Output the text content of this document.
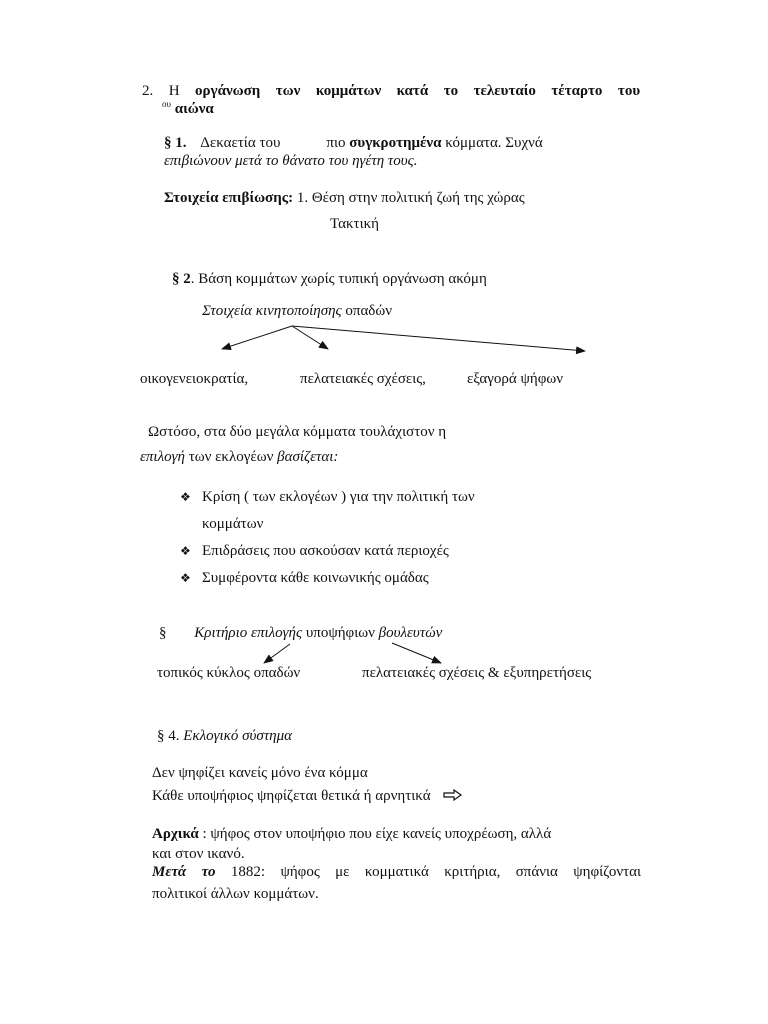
2. Η οργάνωση των κομμάτων κατά το τελευταίο τέταρτο του
$^{o\upsilon}$ αιώνα
§ 1. Δεκαετία του	πιο συγκροτημένα κόμματα. Συχνά
επιβιώνουν μετά το θάνατο του ηγέτη τους.
Στοιχεία επιβίωσης: 1. Θέση στην πολιτική ζωή της χώρας
Τακτική
§ 2. Βάση κομμάτων χωρίς τυπική οργάνωση ακόμη
Στοιχεία κινητοποίησης οπαδών
οικογενειοκρατία,	πελατειακές σχέσεις,	εξαγορά ψήφων
Ωστόσο, στα δύο μεγάλα κόμματα τουλάχιστον η
επιλογή των εκλογέων βασίζεται:
❖ Κρίση ( των εκλογέων ) για την πολιτική των
κομμάτων
❖ Επιδράσεις που ασκούσαν κατά περιοχές
❖ Συμφέροντα κάθε κοινωνικής ομάδας
§ Κριτήριο επιλογής υποψήφιων βουλευτών
τοπικός κύκλος οπαδών	πελατειακές σχέσεις & εξυπηρετήσεις
§ 4. Εκλογικό σύστημα
Δεν ψηφίζει κανείς μόνο ένα κόμμα
Κάθε υποψήφιος ψηφίζεται θετικά ή αρνητικά
Αρχικά : ψήφος στον υποψήφιο που είχε κανείς υποχρέωση, αλλά
και στον ικανό.
Μετά το 1882: ψήφος με κομματικά κριτήρια, σπάνια ψηφίζονται
πολιτικοί άλλων κομμάτων.
